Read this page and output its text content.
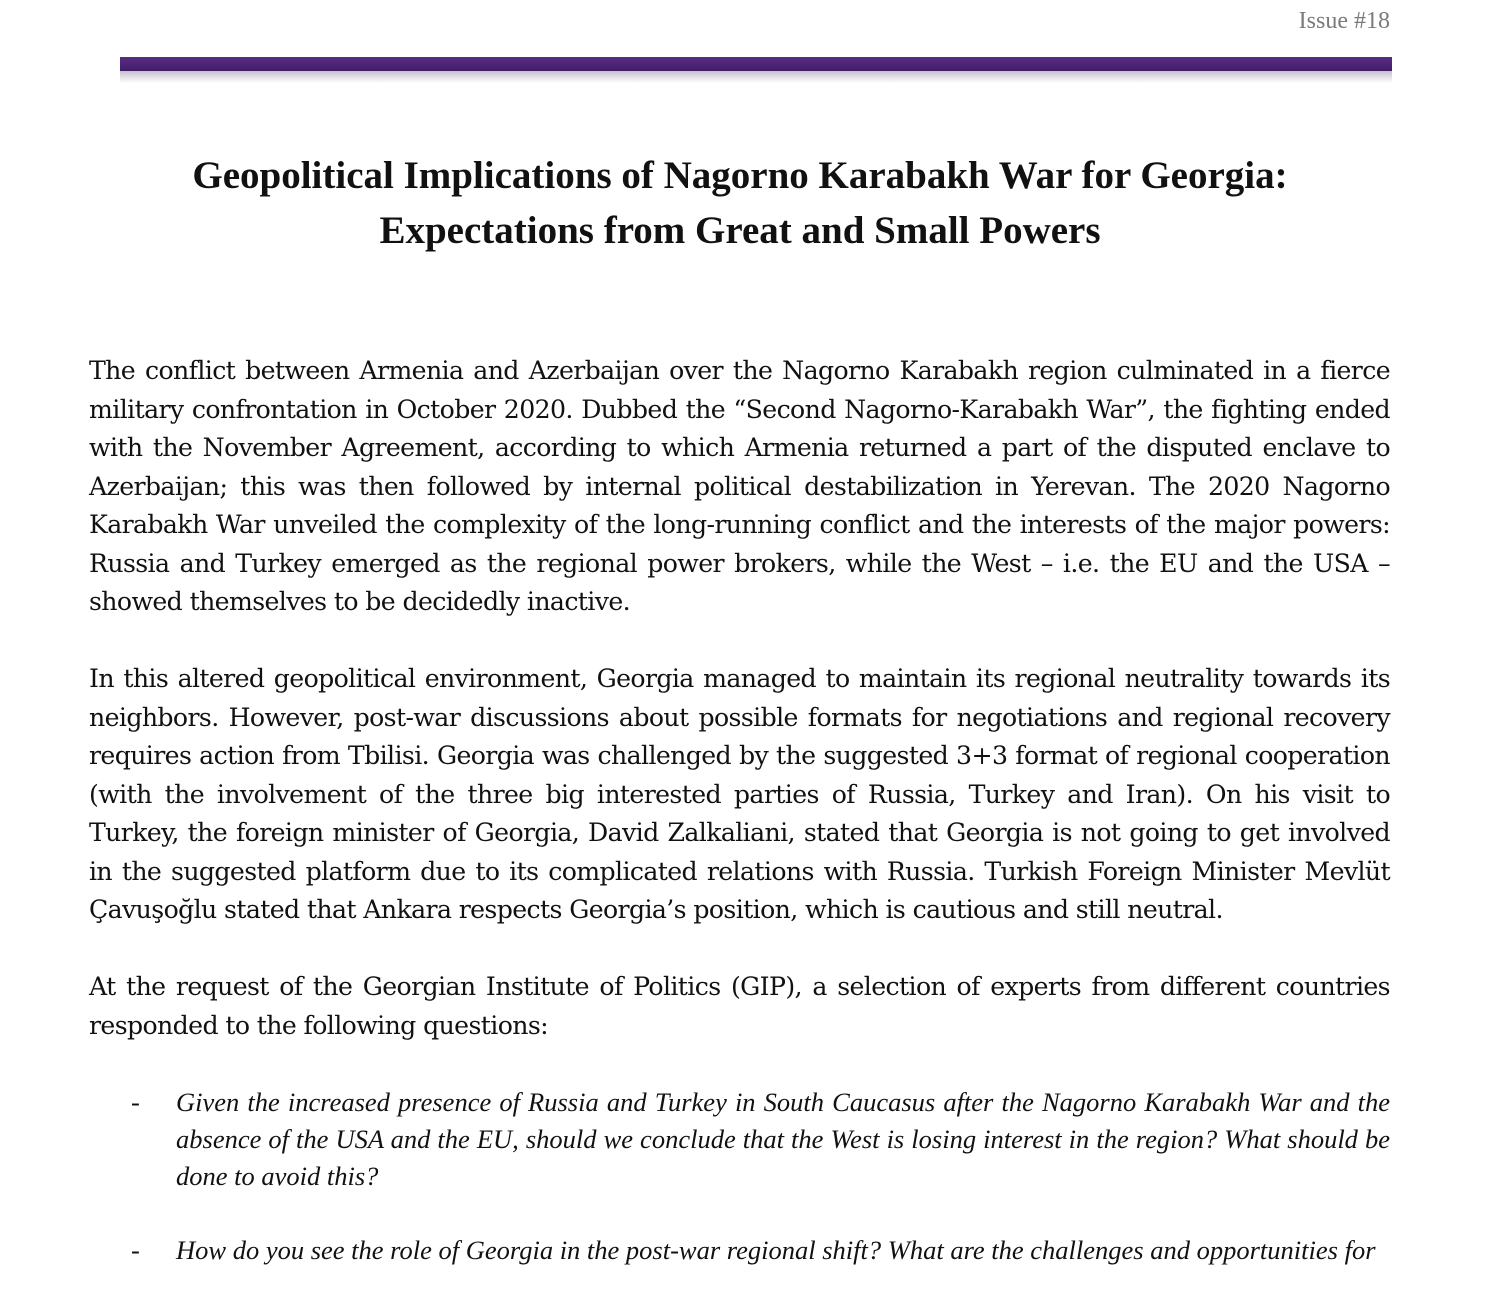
Issue #18
Geopolitical Implications of Nagorno Karabakh War for Georgia:
Expectations from Great and Small Powers

The conflict between Armenia and Azerbaijan over the Nagorno Karabakh region culminated in a fierce military confrontation in October 2020. Dubbed the “Second Nagorno-Karabakh War”, the fighting ended with the November Agreement, according to which Armenia returned a part of the disputed enclave to Azerbaijan; this was then followed by internal political destabilization in Yerevan. The 2020 Nagorno Karabakh War unveiled the complexity of the long-running conflict and the interests of the major powers: Russia and Turkey emerged as the regional power brokers, while the West – i.e. the EU and the USA – showed themselves to be decidedly inactive.

In this altered geopolitical environment, Georgia managed to maintain its regional neutrality towards its neighbors. However, post-war discussions about possible formats for negotiations and regional recovery requires action from Tbilisi. Georgia was challenged by the suggested 3+3 format of regional cooperation (with the involvement of the three big interested parties of Russia, Turkey and Iran). On his visit to Turkey, the foreign minister of Georgia, David Zalkaliani, stated that Georgia is not going to get involved in the suggested platform due to its complicated relations with Russia. Turkish Foreign Minister Mevlüt Çavuşoğlu stated that Ankara respects Georgia’s position, which is cautious and still neutral.

At the request of the Georgian Institute of Politics (GIP), a selection of experts from different countries responded to the following questions:

- Given the increased presence of Russia and Turkey in South Caucasus after the Nagorno Karabakh War and the absence of the USA and the EU, should we conclude that the West is losing interest in the region? What should be done to avoid this?
- How do you see the role of Georgia in the post-war regional shift? What are the challenges and opportunities for
